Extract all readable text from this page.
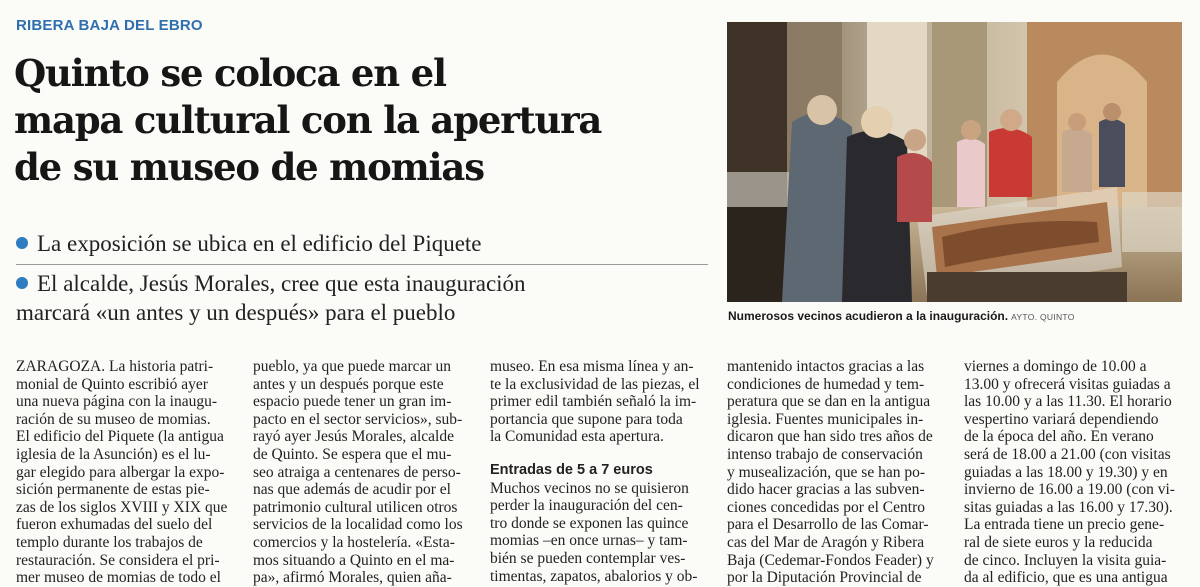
RIBERA BAJA DEL EBRO
Quinto se coloca en el
mapa cultural con la apertura
de su museo de momias
La exposición se ubica en el edificio del Piquete
El alcalde, Jesús Morales, cree que esta inauguración
marcará «un antes y un después» para el pueblo	Numerosos vecinos acudieron a la inauguración. AYTO. QUINTO
ZARAGOZA. La historia patri-
monial de Quinto escribió ayer
una nueva página con la inaugu-
ración de su museo de momias.
El edificio del Piquete (la antigua
iglesia de la Asunción) es el lu-
gar elegido para albergar la expo-
sición permanente de estas pie-
zas de los siglos XVIII y XIX que
fueron exhumadas del suelo del
templo durante los trabajos de
restauración. Se considera el pri-
mer museo de momias de todo el
pueblo, ya que puede marcar un
antes y un después porque este
espacio puede tener un gran im-
pacto en el sector servicios», sub-
rayó ayer Jesús Morales, alcalde
de Quinto. Se espera que el mu-
seo atraiga a centenares de perso-
nas que además de acudir por el
patrimonio cultural utilicen otros
servicios de la localidad como los
comercios y la hostelería. «Esta-
mos situando a Quinto en el ma-
pa», afirmó Morales, quien aña-
museo. En esa misma línea y an-
te la exclusividad de las piezas, el
primer edil también señaló la im-
portancia que supone para toda
la Comunidad esta apertura.
Entradas de 5 a 7 euros
Muchos vecinos no se quisieron
perder la inauguración del cen-
tro donde se exponen las quince
momias –en once urnas– y tam-
bién se pueden contemplar ves-
timentas, zapatos, abalorios y ob-
mantenido intactos gracias a las
condiciones de humedad y tem-
peratura que se dan en la antigua
iglesia. Fuentes municipales in-
dicaron que han sido tres años de
intenso trabajo de conservación
y musealización, que se han po-
dido hacer gracias a las subven-
ciones concedidas por el Centro
para el Desarrollo de las Comar-
cas del Mar de Aragón y Ribera
Baja (Cedemar-Fondos Feader) y
por la Diputación Provincial de
viernes a domingo de 10.00 a
13.00 y ofrecerá visitas guiadas a
las 10.00 y a las 11.30. El horario
vespertino variará dependiendo
de la época del año. En verano
será de 18.00 a 21.00 (con visitas
guiadas a las 18.00 y 19.30) y en
invierno de 16.00 a 19.00 (con vi-
sitas guiadas a las 16.00 y 17.30).
La entrada tiene un precio gene-
ral de siete euros y la reducida
de cinco. Incluyen la visita guia-
da al edificio, que es una antigua
